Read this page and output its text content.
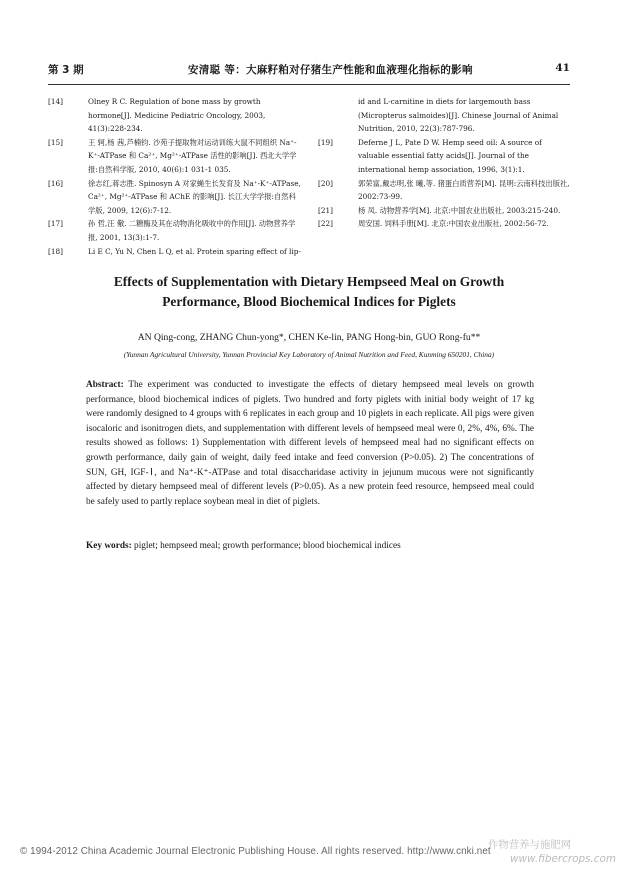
第 3 期	安清聪 等：大麻籽粕对仔猪生产性能和血液理化指标的影响	41
[14]	Olney R C. Regulation of bone mass by growth hormone[J]. Medicine Pediatric Oncology, 2003, 41(3):228-234.
[15]	王 轲,杨 茜,芦楠钧. 沙苑子提取物对运动训练大鼠不同组织 Na⁺-K⁺-ATPase 和 Ca²⁺, Mg²⁺-ATPase 活性的影响[J]. 西北大学学报:自然科学版, 2010, 40(6):1 031-1 035.
[16]	徐志红,蒋志胜. Spinosyn A 对家蝇生长发育及 Na⁺-K⁺-ATPase, Ca²⁺, Mg²⁺-ATPase 和 AChE 的影响[J]. 长江大学学报:自然科学版, 2009, 12(6):7-12.
[17]	孙 哲,汪 儆. 二糖酶及其在动物消化吸收中的作用[J]. 动物营养学报, 2001, 13(3):1-7.
[18]	Li E C, Yu N, Chen L Q, et al. Protein sparing effect of lip-
id and L-carnitine in diets for largemouth bass (Micropterus salmoides)[J]. Chinese Journal of Animal Nutrition, 2010, 22(3):787-796.
[19]	Deferne J L, Pate D W. Hemp seed oil: A source of valuable essential fatty acids[J]. Journal of the international hemp association, 1996, 3(1):1.
[20]	郭荣富,戴志明,张 曦,等. 猪蛋白质营养[M]. 昆明:云南科技出版社, 2002:73-99.
[21]	杨 凤. 动物营养学[M]. 北京:中国农业出版社, 2003:215-240.
[22]	周安国. 饲料手册[M]. 北京:中国农业出版社, 2002:56-72.
Effects of Supplementation with Dietary Hempseed Meal on Growth
Performance, Blood Biochemical Indices for Piglets
AN Qing-cong, ZHANG Chun-yong*, CHEN Ke-lin, PANG Hong-bin, GUO Rong-fu**
(Yunnan Agricultural University, Yunnan Provincial Key Laboratory of Animal Nutrition and Feed, Kunming 650201, China)

Abstract: The experiment was conducted to investigate the effects of dietary hempseed meal levels on growth performance, blood biochemical indices of piglets. Two hundred and forty piglets with initial body weight of 17 kg were randomly designed to 4 groups with 6 replicates in each group and 10 piglets in each replicate. All pigs were given isocaloric and isonitrogen diets, and supplementation with different levels of hempseed meal were 0, 2%, 4%, 6%. The results showed as follows: 1) Supplementation with different levels of hempseed meal had no significant effects on growth performance, daily gain of weight, daily feed intake and feed conversion (P>0.05). 2) The concentrations of SUN, GH, IGF-Ⅰ, and Na⁺-K⁺-ATPase and total disaccharidase activity in jejunum mucous were not significantly affected by dietary hempseed meal of different levels (P>0.05). As a new protein feed resource, hempseed meal could be safely used to partly replace soybean meal in diet of piglets.

Key words: piglet; hempseed meal; growth performance; blood biochemical indices
© 1994-2012 China Academic Journal Electronic Publishing House. All rights reserved. http://www.cnki.net
作物营养与施肥网
www.fibercrops.com
